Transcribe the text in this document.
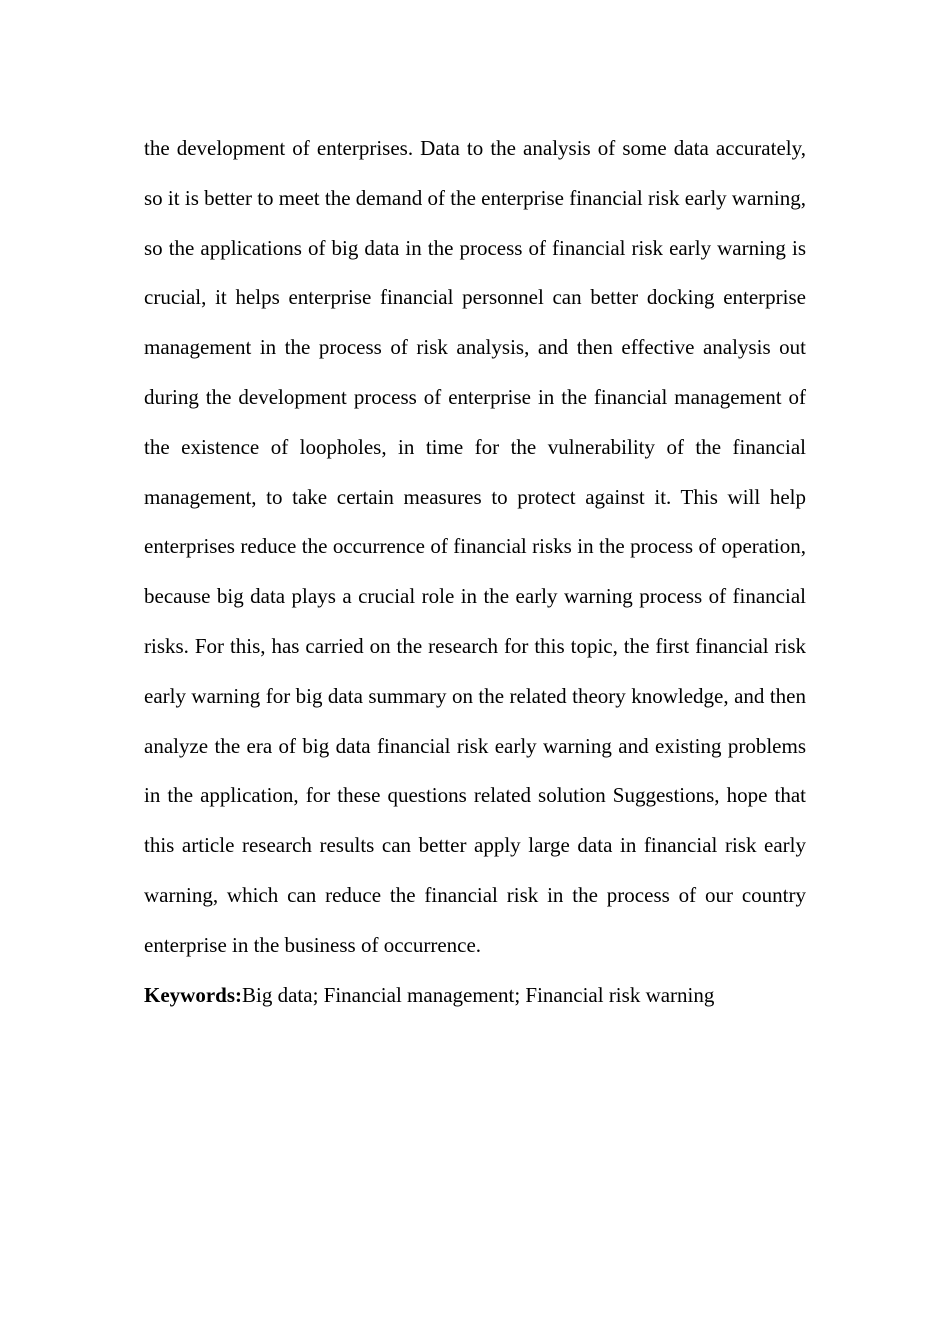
the development of enterprises. Data to the analysis of some data accurately, so it is better to meet the demand of the enterprise financial risk early warning, so the applications of big data in the process of financial risk early warning is crucial, it helps enterprise financial personnel can better docking enterprise management in the process of risk analysis, and then effective analysis out during the development process of enterprise in the financial management of the existence of loopholes, in time for the vulnerability of the financial management, to take certain measures to protect against it. This will help enterprises reduce the occurrence of financial risks in the process of operation, because big data plays a crucial role in the early warning process of financial risks. For this, has carried on the research for this topic, the first financial risk early warning for big data summary on the related theory knowledge, and then analyze the era of big data financial risk early warning and existing problems in the application, for these questions related solution Suggestions, hope that this article research results can better apply large data in financial risk early warning, which can reduce the financial risk in the process of our country enterprise in the business of occurrence.

Keywords:Big data; Financial management; Financial risk warning
